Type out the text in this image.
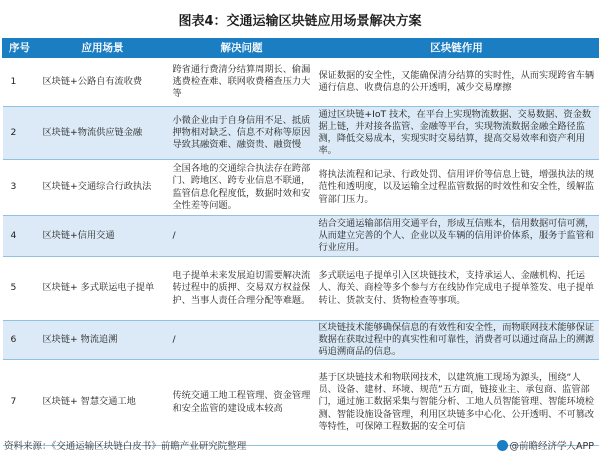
图表4：交通运输区块链应用场景解决方案
序号	应用场景	解决问题	区块链作用
1	区块链+公路自有流收费	跨省通行费清分结算周期长、偷漏逃费检查难、联网收费稽查压力大等	保证数据的安全性，又能确保清分结算的实时性，从而实现跨省车辆通行信息、收费信息的公开透明，减少交易摩擦
2	区块链+物流供应链金融	小微企业由于自身信用不足、抵质押物相对缺乏、信息不对称等原因导致其融资难、融资贵、融资慢	通过区块链+IoT 技术，在平台上实现物流数据、交易数据、资金数据上链，并对接各监管、金融等平台，实现物流数据金融全路径监测，降低交易成本，实现实时交易结算，提高交易效率和资产利用率。
3	区块链+交通综合行政执法	全国各地的交通综合执法存在跨部门、跨地区、跨专业信息不联通，监管信息化程度低，数据时效和安全性差等问题。	将执法流程和记录、行政处罚、信用评价等信息上链，增强执法的规范性和透明度，以及运输全过程监管数据的时效性和安全性，缓解监管部门压力。
4	区块链+信用交通	/	结合交通运输部信用交通平台，形成互信账本，信用数据可信可溯，从而建立完善的个人、企业以及车辆的信用评价体系，服务于监管和行业应用。
5	区块链+ 多式联运电子提单	电子提单未来发展迫切需要解决流转过程中的质押、交易双方权益保护、当事人责任合理分配等难题。	多式联运电子提单引入区块链技术，支持承运人、金融机构、托运人、海关、商检等多个参与方在线协作完成电子提单签发、电子提单转让、货款支付、货物检查等事项。
6	区块链+ 物流追溯	/	区块链技术能够确保信息的有效性和安全性，而物联网技术能够保证数据在获取过程中的真实性和可靠性，消费者可以通过商品上的溯源码追溯商品的信息。
7	区块链+ 智慧交通工地	传统交通工地工程管理、资金管理和安全监管的建设成本较高	基于区块链技术和物联网技术，以建筑施工现场为源头，围绕“人员、设备、建材、环境、规范”五方面，链接业主、承包商、监管部门，通过施工数据采集与智能分析、工地人员智能管理、智能环境检测、智能设施设备管理，利用区块链多中心化、公开透明、不可篡改等特性，可保障工程数据的安全可信
资料来源：《交通运输区块链白皮书》前瞻产业研究院整理	@前瞻经济学人APP
